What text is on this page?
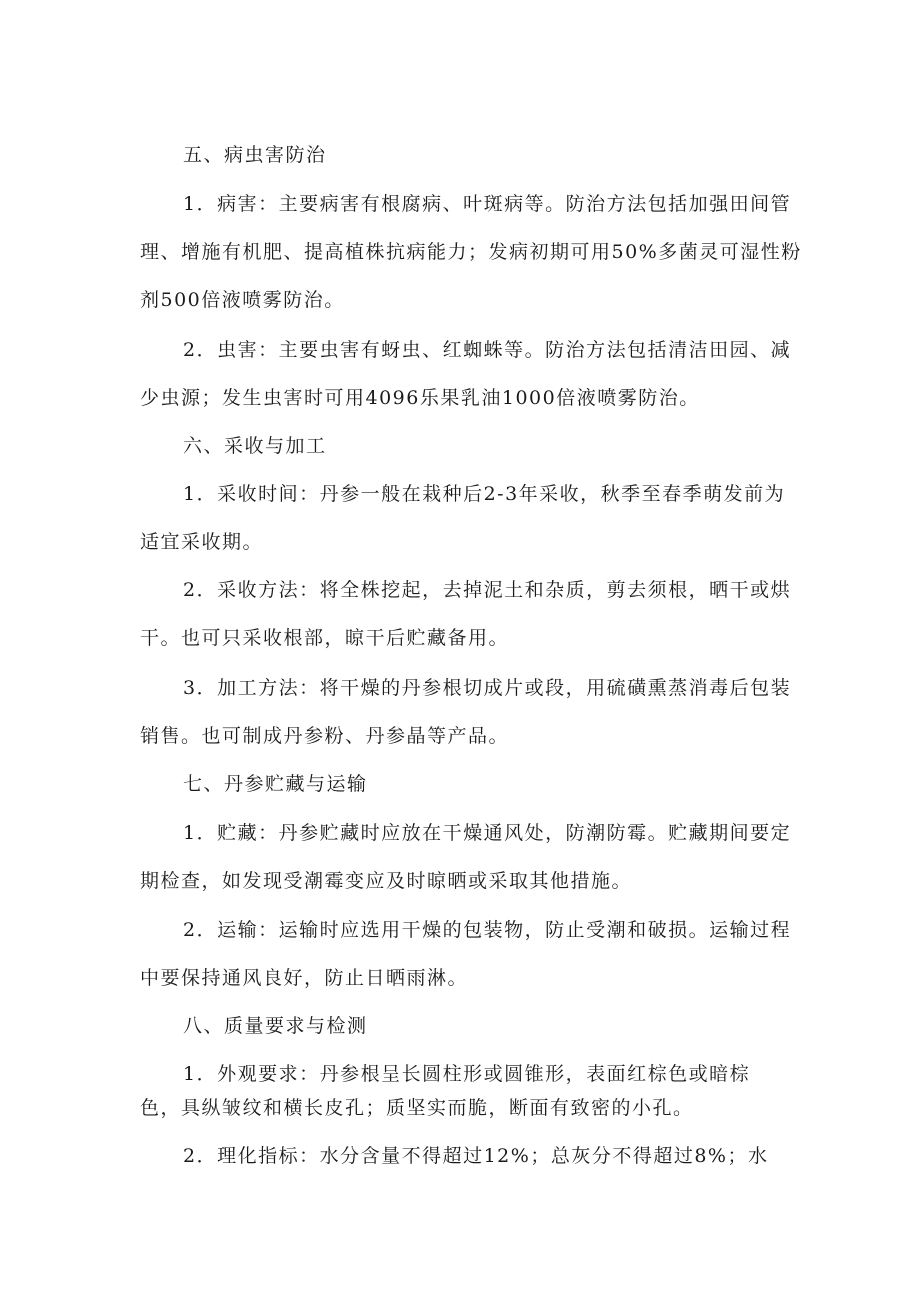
五、病虫害防治

1．病害：主要病害有根腐病、叶斑病等。防治方法包括加强田间管

理、增施有机肥、提高植株抗病能力；发病初期可用50%多菌灵可湿性粉

剂500倍液喷雾防治。

2．虫害：主要虫害有蚜虫、红蜘蛛等。防治方法包括清洁田园、减

少虫源；发生虫害时可用4096乐果乳油1000倍液喷雾防治。

六、采收与加工

1．采收时间：丹参一般在栽种后2-3年采收，秋季至春季萌发前为

适宜采收期。

2．采收方法：将全株挖起，去掉泥土和杂质，剪去须根，晒干或烘

干。也可只采收根部，晾干后贮藏备用。

3．加工方法：将干燥的丹参根切成片或段，用硫磺熏蒸消毒后包装

销售。也可制成丹参粉、丹参晶等产品。

七、丹参贮藏与运输

1．贮藏：丹参贮藏时应放在干燥通风处，防潮防霉。贮藏期间要定

期检查，如发现受潮霉变应及时晾晒或采取其他措施。

2．运输：运输时应选用干燥的包装物，防止受潮和破损。运输过程

中要保持通风良好，防止日晒雨淋。

八、质量要求与检测

1．外观要求：丹参根呈长圆柱形或圆锥形，表面红棕色或暗棕

色，具纵皱纹和横长皮孔；质坚实而脆，断面有致密的小孔。

2．理化指标：水分含量不得超过12%；总灰分不得超过8%；水
